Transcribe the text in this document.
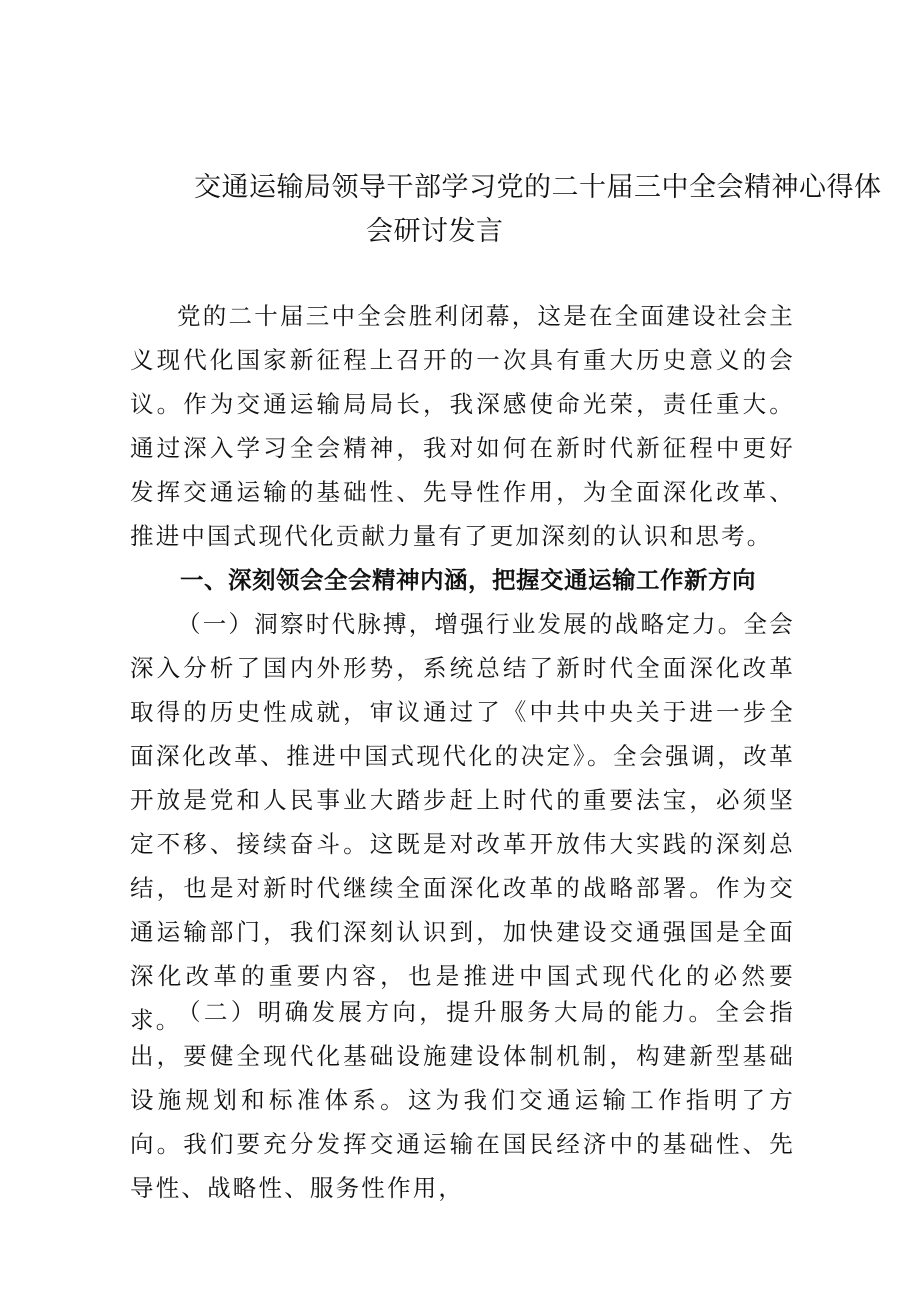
交通运输局领导干部学习党的二十届三中全会精神心得体
会研讨发言

党的二十届三中全会胜利闭幕，这是在全面建设社会主义现代化国家新征程上召开的一次具有重大历史意义的会议。作为交通运输局局长，我深感使命光荣，责任重大。通过深入学习全会精神，我对如何在新时代新征程中更好发挥交通运输的基础性、先导性作用，为全面深化改革、推进中国式现代化贡献力量有了更加深刻的认识和思考。

一、深刻领会全会精神内涵，把握交通运输工作新方向

（一）洞察时代脉搏，增强行业发展的战略定力。全会深入分析了国内外形势，系统总结了新时代全面深化改革取得的历史性成就，审议通过了《中共中央关于进一步全面深化改革、推进中国式现代化的决定》。全会强调，改革开放是党和人民事业大踏步赶上时代的重要法宝，必须坚定不移、接续奋斗。这既是对改革开放伟大实践的深刻总结，也是对新时代继续全面深化改革的战略部署。作为交通运输部门，我们深刻认识到，加快建设交通强国是全面深化改革的重要内容，也是推进中国式现代化的必然要求。

（二）明确发展方向，提升服务大局的能力。全会指出，要健全现代化基础设施建设体制机制，构建新型基础设施规划和标准体系。这为我们交通运输工作指明了方向。我们要充分发挥交通运输在国民经济中的基础性、先导性、战略性、服务性作用，
